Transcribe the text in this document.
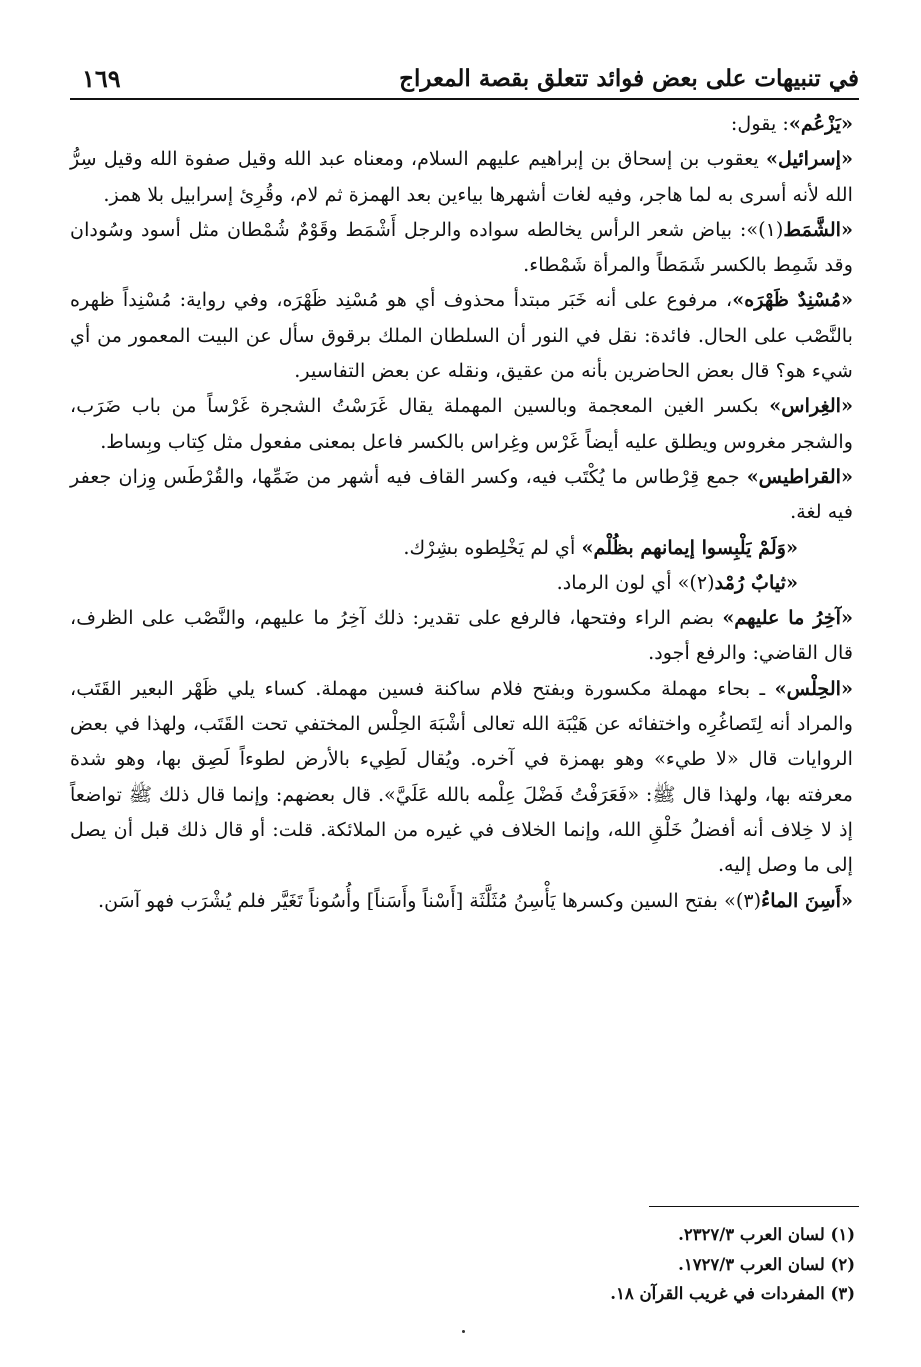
في تنبيهات على بعض فوائد تتعلق بقصة المعراج
١٦٩

«يَزْعُم»: يقول:

«إسرائيل» يعقوب بن إسحاق بن إبراهيم عليهم السلام، ومعناه عبد الله وقيل صفوة الله وقيل سِرُّ الله لأنه أسرى به لما هاجر، وفيه لغات أشهرها بياءين بعد الهمزة ثم لام، وقُرِئ إسرابيل بلا همز.

«الشَّمَط(١)»: بياض شعر الرأس يخالطه سواده والرجل أَشْمَط وقَوْمٌ شُمْطان مثل أسود وسُودان وقد شَمِط بالكسر شَمَطاً والمرأة شَمْطاء.

«مُسْنِدٌ ظَهْرَه»، مرفوع على أنه خَبَر مبتدأ محذوف أي هو مُسْنِد ظَهْرَه، وفي رواية: مُسْنِداً ظهره بالنَّصْب على الحال. فائدة: نقل في النور أن السلطان الملك برقوق سأل عن البيت المعمور من أي شيء هو؟ قال بعض الحاضرين بأنه من عقيق، ونقله عن بعض التفاسير.

«الغِراس» بكسر الغين المعجمة وبالسين المهملة يقال غَرَسْتُ الشجرة غَرْساً من باب ضَرَب، والشجر مغروس ويطلق عليه أيضاً غَرْس وغِراس بالكسر فاعل بمعنى مفعول مثل كِتاب وبِساط.

«القراطيس» جمع قِرْطاس ما يُكْتَب فيه، وكسر القاف فيه أشهر من ضَمِّها، والقُرْطَس وِزان جعفر فيه لغة.

«وَلَمْ يَلْبِسوا إيمانهم بظُلْم» أي لم يَخْلِطوه بشِرْك.

«ثيابٌ رُمْد(٢)» أي لون الرماد.

«آخِرُ ما عليهم» بضم الراء وفتحها، فالرفع على تقدير: ذلك آخِرُ ما عليهم، والنَّصْب على الظرف، قال القاضي: والرفع أجود.

«الحِلْس» ـ بحاء مهملة مكسورة وبفتح فلام ساكنة فسين مهملة. كساء يلي ظَهْر البعير القَتَب، والمراد أنه لِتَصاغُرِه واختفائه عن هَيْبَة الله تعالى أشْبَهَ الحِلْس المختفي تحت القَتَب، ولهذا في بعض الروايات قال «لا طيء» وهو بهمزة في آخره. ويُقال لَطِيء بالأرض لطوءاً لَصِق بها، وهو شدة معرفته بها، ولهذا قال ﷺ: «فَعَرَفْتُ فَضْلَ عِلْمه بالله عَلَيَّ». قال بعضهم: وإنما قال ذلك ﷺ تواضعاً إذ لا خِلاف أنه أفضلُ خَلْقِ الله، وإنما الخلاف في غيره من الملائكة. قلت: أو قال ذلك قبل أن يصل إلى ما وصل إليه.

«أَسِنَ الماءُ(٣)» بفتح السين وكسرها يَأْسِنُ مُثَلَّثَة [أَسْناً وأَسَناً] وأُسُوناً تَغَيَّر فلم يُشْرَب فهو آسَن.

(١) لسان العرب ٢٣٢٧/٣.

(٢) لسان العرب ١٧٢٧/٣.

(٣) المفردات في غريب القرآن ١٨.
